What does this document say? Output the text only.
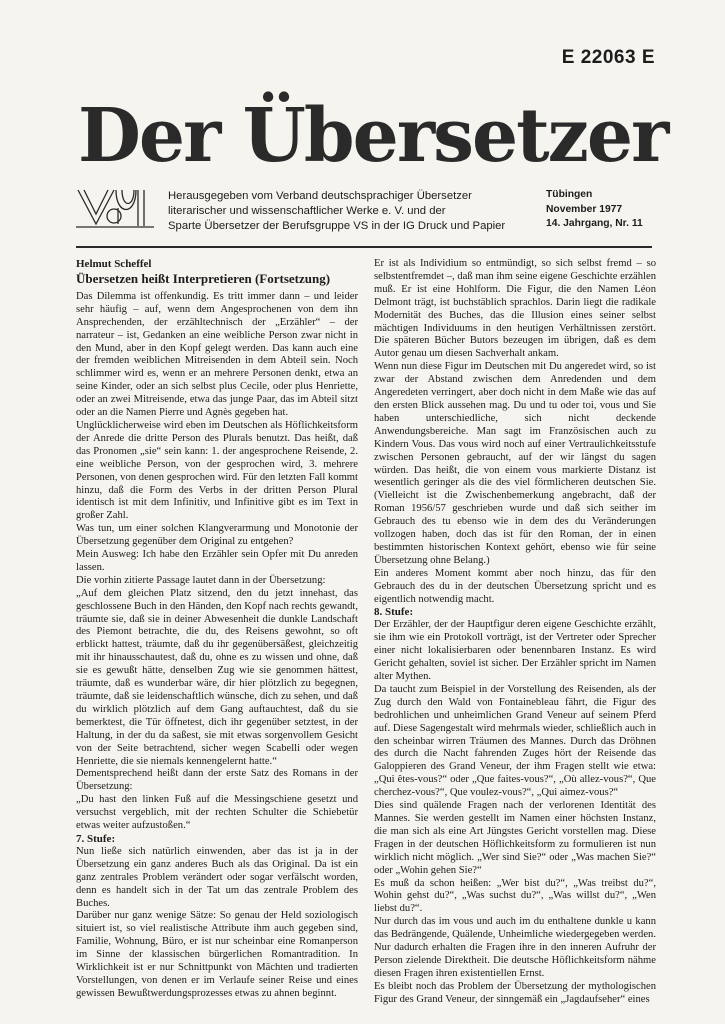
E 22063 E
Der Übersetzer
Herausgegeben vom Verband deutschsprachiger Übersetzer
literarischer und wissenschaftlicher Werke e. V. und der
Sparte Übersetzer der Berufsgruppe VS in der IG Druck und Papier
Tübingen
November 1977
14. Jahrgang, Nr. 11

Helmut Scheffel

Übersetzen heißt Interpretieren (Fortsetzung)

Das Dilemma ist offenkundig. Es tritt immer dann – und leider sehr häufig – auf, wenn dem Angesprochenen von dem ihn Ansprechenden, der erzähltechnisch der „Erzähler“ – der narrateur – ist, Gedanken an eine weibliche Person zwar nicht in den Mund, aber in den Kopf gelegt werden. Das kann auch eine der fremden weiblichen Mitreisenden in dem Abteil sein. Noch schlimmer wird es, wenn er an mehrere Personen denkt, etwa an seine Kinder, oder an sich selbst plus Cecile, oder plus Henriette, oder an zwei Mitreisende, etwa das junge Paar, das im Abteil sitzt oder an die Namen Pierre und Agnès gegeben hat.

Unglücklicherweise wird eben im Deutschen als Höflichkeitsform der Anrede die dritte Person des Plurals benutzt. Das heißt, daß das Pronomen „sie“ sein kann: 1. der angesprochene Reisende, 2. eine weibliche Person, von der gesprochen wird, 3. mehrere Personen, von denen gesprochen wird. Für den letzten Fall kommt hinzu, daß die Form des Verbs in der dritten Person Plural identisch ist mit dem Infinitiv, und Infinitive gibt es im Text in großer Zahl.

Was tun, um einer solchen Klangverarmung und Monotonie der Übersetzung gegenüber dem Original zu entgehen?

Mein Ausweg: Ich habe den Erzähler sein Opfer mit Du anreden lassen.

Die vorhin zitierte Passage lautet dann in der Übersetzung:

„Auf dem gleichen Platz sitzend, den du jetzt innehast, das geschlossene Buch in den Händen, den Kopf nach rechts gewandt, träumte sie, daß sie in deiner Abwesenheit die dunkle Landschaft des Piemont betrachte, die du, des Reisens gewohnt, so oft erblickt hattest, träumte, daß du ihr gegenübersäßest, gleichzeitig mit ihr hinausschautest, daß du, ohne es zu wissen und ohne, daß sie es gewußt hätte, denselben Zug wie sie genommen hättest, träumte, daß es wunderbar wäre, dir hier plötzlich zu begegnen, träumte, daß sie leidenschaftlich wünsche, dich zu sehen, und daß du wirklich plötzlich auf dem Gang auftauchtest, daß du sie bemerktest, die Tür öffnetest, dich ihr gegenüber setztest, in der Haltung, in der du da saßest, sie mit etwas sorgenvollem Gesicht von der Seite betrachtend, sicher wegen Scabelli oder wegen Henriette, die sie niemals kennengelernt hatte.“

Dementsprechend heißt dann der erste Satz des Romans in der Übersetzung:

„Du hast den linken Fuß auf die Messingschiene gesetzt und versuchst vergeblich, mit der rechten Schulter die Schiebetür etwas weiter aufzustoßen.“

7. Stufe:

Nun ließe sich natürlich einwenden, aber das ist ja in der Übersetzung ein ganz anderes Buch als das Original. Da ist ein ganz zentrales Problem verändert oder sogar verfälscht worden, denn es handelt sich in der Tat um das zentrale Problem des Buches.

Darüber nur ganz wenige Sätze: So genau der Held soziologisch situiert ist, so viel realistische Attribute ihm auch gegeben sind, Familie, Wohnung, Büro, er ist nur scheinbar eine Romanperson im Sinne der klassischen bürgerlichen Romantradition. In Wirklichkeit ist er nur Schnittpunkt von Mächten und tradierten Vorstellungen, von denen er im Verlaufe seiner Reise und eines gewissen Bewußtwerdungsprozesses etwas zu ahnen beginnt.

Er ist als Individium so entmündigt, so sich selbst fremd – so selbstentfremdet –, daß man ihm seine eigene Geschichte erzählen muß. Er ist eine Hohlform. Die Figur, die den Namen Léon Delmont trägt, ist buchstäblich sprachlos. Darin liegt die radikale Modernität des Buches, das die Illusion eines seiner selbst mächtigen Individuums in den heutigen Verhältnissen zerstört. Die späteren Bücher Butors bezeugen im übrigen, daß es dem Autor genau um diesen Sachverhalt ankam.

Wenn nun diese Figur im Deutschen mit Du angeredet wird, so ist zwar der Abstand zwischen dem Anredenden und dem Angeredeten verringert, aber doch nicht in dem Maße wie das auf den ersten Blick aussehen mag. Du und tu oder toi, vous und Sie haben unterschiedliche, sich nicht deckende Anwendungsbereiche. Man sagt im Französischen auch zu Kindern Vous. Das vous wird noch auf einer Vertraulichkeitsstufe zwischen Personen gebraucht, auf der wir längst du sagen würden. Das heißt, die von einem vous markierte Distanz ist wesentlich geringer als die des viel förmlicheren deutschen Sie. (Vielleicht ist die Zwischenbemerkung angebracht, daß der Roman 1956/57 geschrieben wurde und daß sich seither im Gebrauch des tu ebenso wie in dem des du Veränderungen vollzogen haben, doch das ist für den Roman, der in einen bestimmten historischen Kontext gehört, ebenso wie für seine Übersetzung ohne Belang.)

Ein anderes Moment kommt aber noch hinzu, das für den Gebrauch des du in der deutschen Übersetzung spricht und es eigentlich notwendig macht.

8. Stufe:

Der Erzähler, der der Hauptfigur deren eigene Geschichte erzählt, sie ihm wie ein Protokoll vorträgt, ist der Vertreter oder Sprecher einer nicht lokalisierbaren oder benennbaren Instanz. Es wird Gericht gehalten, soviel ist sicher. Der Erzähler spricht im Namen alter Mythen.

Da taucht zum Beispiel in der Vorstellung des Reisenden, als der Zug durch den Wald von Fontainebleau fährt, die Figur des bedrohlichen und unheimlichen Grand Veneur auf seinem Pferd auf. Diese Sagengestalt wird mehrmals wieder, schließlich auch in den scheinbar wirren Träumen des Mannes. Durch das Dröhnen des durch die Nacht fahrenden Zuges hört der Reisende das Galoppieren des Grand Veneur, der ihm Fragen stellt wie etwa: „Qui êtes-vous?“ oder „Que faites-vous?“, „Où allez-vous?“, Que cherchez-vous?“, Que voulez-vous?“, „Qui aimez-vous?“

Dies sind quälende Fragen nach der verlorenen Identität des Mannes. Sie werden gestellt im Namen einer höchsten Instanz, die man sich als eine Art Jüngstes Gericht vorstellen mag. Diese Fragen in der deutschen Höflichkeitsform zu formulieren ist nun wirklich nicht möglich. „Wer sind Sie?“ oder „Was machen Sie?“ oder „Wohin gehen Sie?“

Es muß da schon heißen: „Wer bist du?“, „Was treibst du?“, Wohin gehst du?“, „Was suchst du?“, „Was willst du?“, „Wen liebst du?“.

Nur durch das im vous und auch im du enthaltene dunkle u kann das Bedrängende, Quälende, Unheimliche wiedergegeben werden. Nur dadurch erhalten die Fragen ihre in den inneren Aufruhr der Person zielende Direktheit. Die deutsche Höflichkeitsform nähme diesen Fragen ihren existentiellen Ernst.

Es bleibt noch das Problem der Übersetzung der mythologischen Figur des Grand Veneur, der sinngemäß ein „Jagdaufseher“ eines
